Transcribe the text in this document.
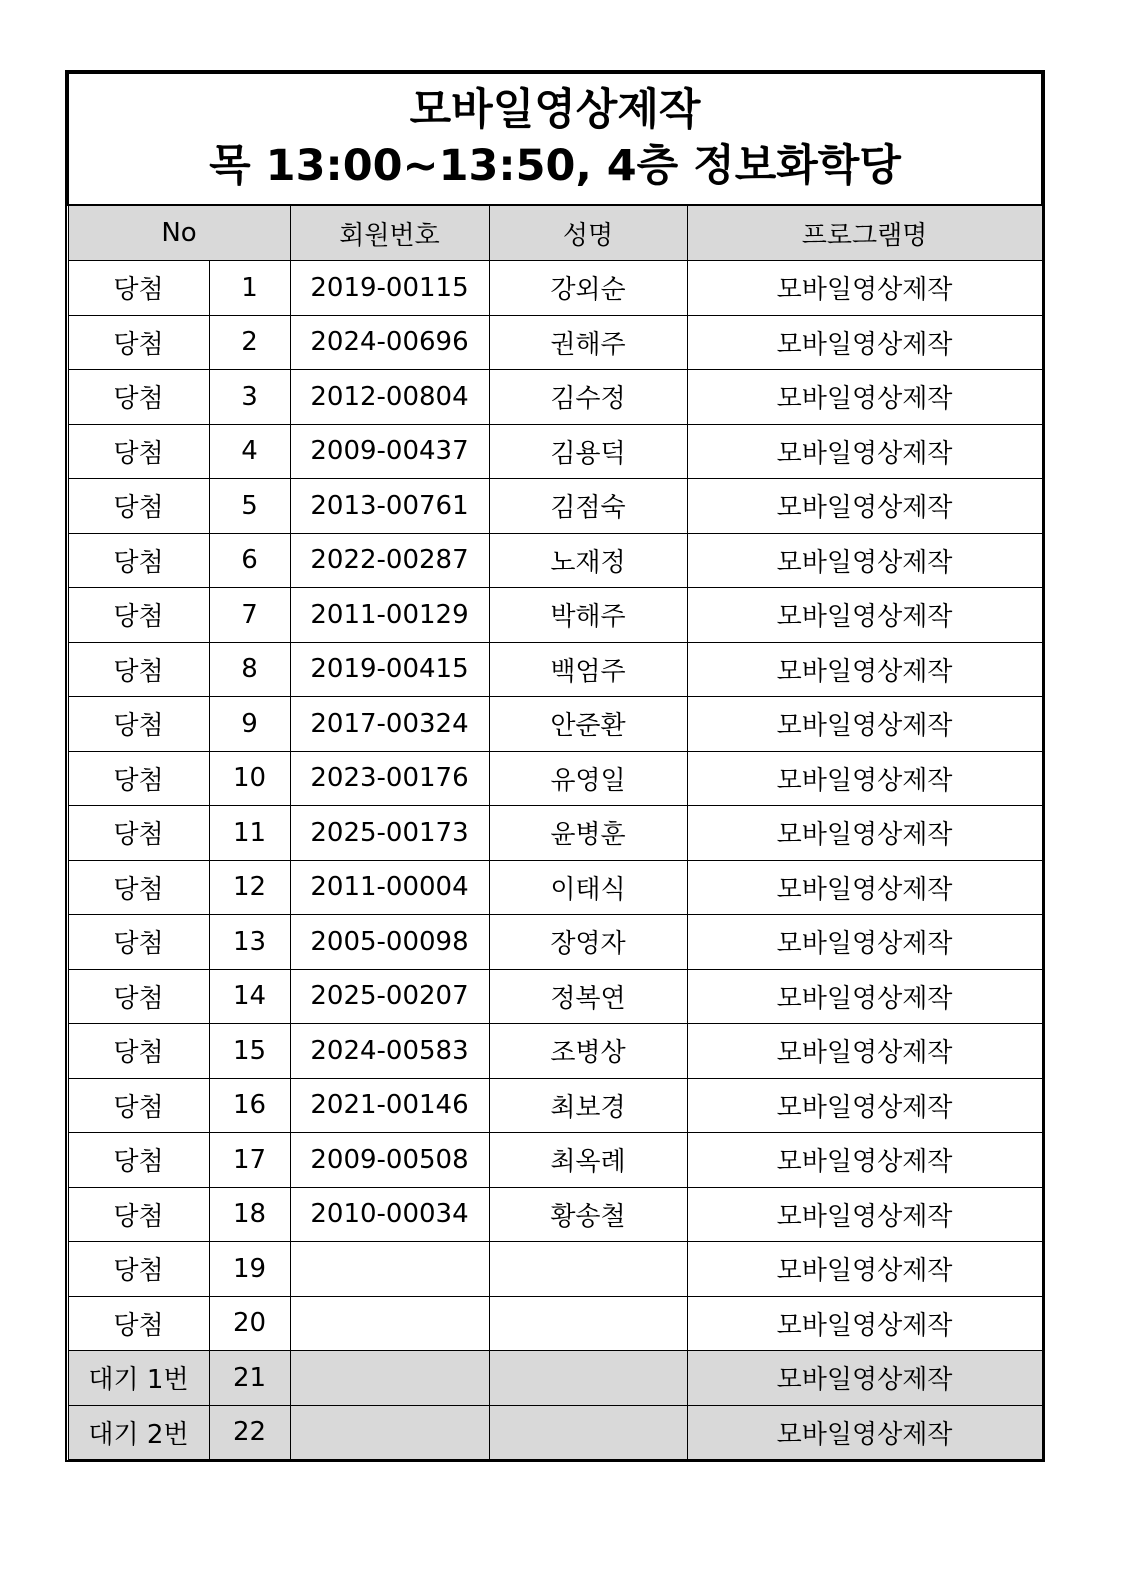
모바일영상제작
목 13:00~13:50, 4층 정보화학당				

No		회원번호	성명	프로그램명
당첨	1	2019-00115	강외순	모바일영상제작
당첨	2	2024-00696	권해주	모바일영상제작
당첨	3	2012-00804	김수정	모바일영상제작
당첨	4	2009-00437	김용덕	모바일영상제작
당첨	5	2013-00761	김점숙	모바일영상제작
당첨	6	2022-00287	노재정	모바일영상제작
당첨	7	2011-00129	박해주	모바일영상제작
당첨	8	2019-00415	백엄주	모바일영상제작
당첨	9	2017-00324	안준환	모바일영상제작
당첨	10	2023-00176	유영일	모바일영상제작
당첨	11	2025-00173	윤병훈	모바일영상제작
당첨	12	2011-00004	이태식	모바일영상제작
당첨	13	2005-00098	장영자	모바일영상제작
당첨	14	2025-00207	정복연	모바일영상제작
당첨	15	2024-00583	조병상	모바일영상제작
당첨	16	2021-00146	최보경	모바일영상제작
당첨	17	2009-00508	최옥례	모바일영상제작
당첨	18	2010-00034	황송철	모바일영상제작
당첨	19			모바일영상제작
당첨	20			모바일영상제작
대기 1번	21			모바일영상제작
대기 2번	22			모바일영상제작
